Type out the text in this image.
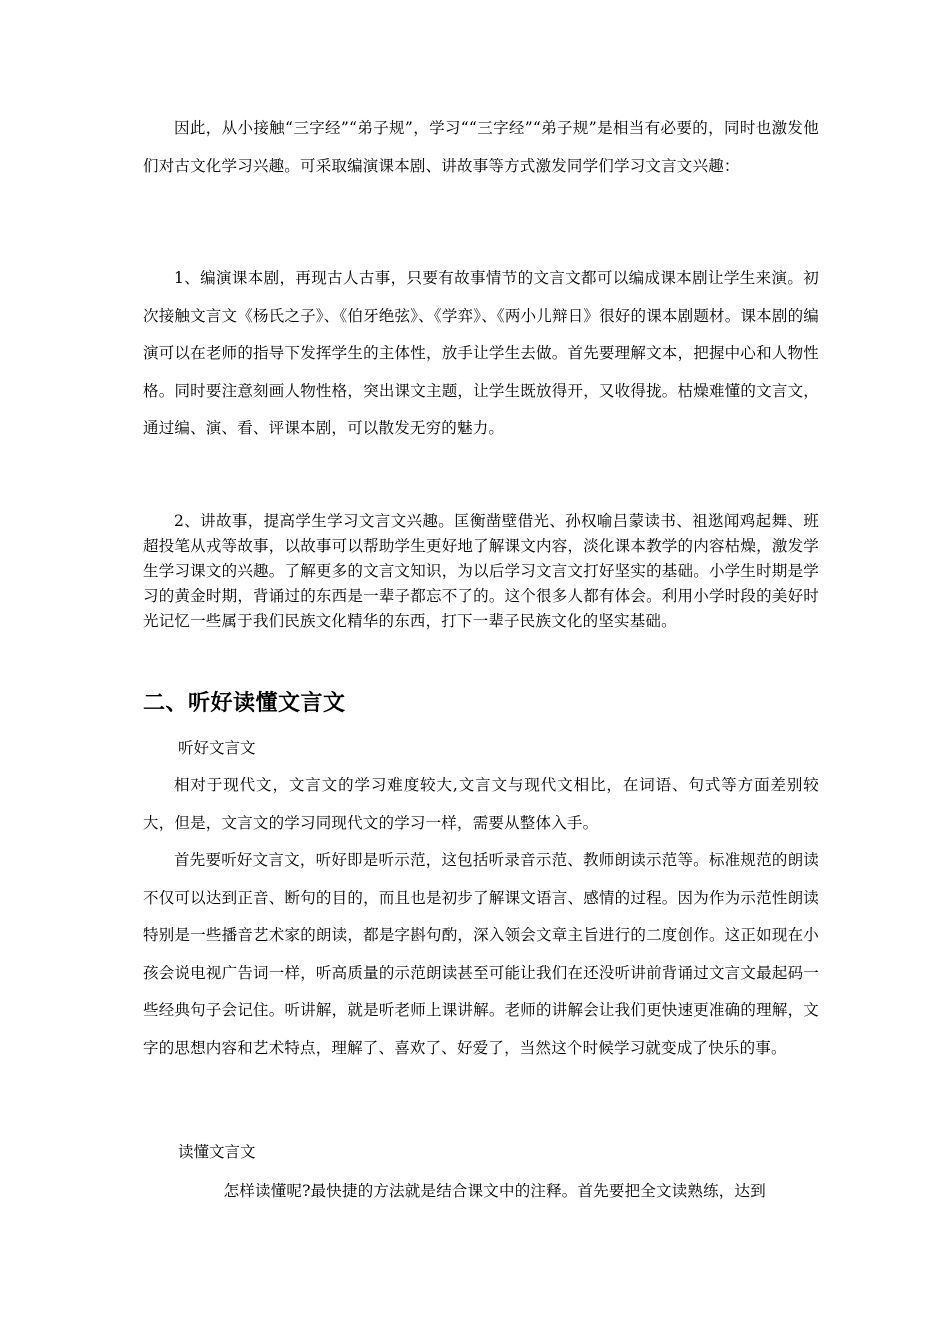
因此，从小接触“三字经”“弟子规”，学习““三字经”“弟子规”是相当有必要的，同时也激发他们对古文化学习兴趣。可采取编演课本剧、讲故事等方式激发同学们学习文言文兴趣：

1、编演课本剧，再现古人古事，只要有故事情节的文言文都可以编成课本剧让学生来演。初次接触文言文《杨氏之子》、《伯牙绝弦》、《学弈》、《两小儿辩日》很好的课本剧题材。课本剧的编演可以在老师的指导下发挥学生的主体性，放手让学生去做。首先要理解文本，把握中心和人物性格。同时要注意刻画人物性格，突出课文主题，让学生既放得开，又收得拢。枯燥难懂的文言文，通过编、演、看、评课本剧，可以散发无穷的魅力。

2、讲故事，提高学生学习文言文兴趣。匡衡凿壁借光、孙权喻吕蒙读书、祖逖闻鸡起舞、班超投笔从戎等故事，以故事可以帮助学生更好地了解课文内容，淡化课本教学的内容枯燥，激发学生学习课文的兴趣。了解更多的文言文知识，为以后学习文言文打好坚实的基础。小学生时期是学习的黄金时期，背诵过的东西是一辈子都忘不了的。这个很多人都有体会。利用小学时段的美好时光记忆一些属于我们民族文化精华的东西，打下一辈子民族文化的坚实基础。

二、听好读懂文言文

听好文言文

相对于现代文，文言文的学习难度较大,文言文与现代文相比，在词语、句式等方面差别较大，但是，文言文的学习同现代文的学习一样，需要从整体入手。

首先要听好文言文，听好即是听示范，这包括听录音示范、教师朗读示范等。标准规范的朗读不仅可以达到正音、断句的目的，而且也是初步了解课文语言、感情的过程。因为作为示范性朗读特别是一些播音艺术家的朗读，都是字斟句酌，深入领会文章主旨进行的二度创作。这正如现在小孩会说电视广告词一样，听高质量的示范朗读甚至可能让我们在还没听讲前背诵过文言文最起码一些经典句子会记住。听讲解，就是听老师上课讲解。老师的讲解会让我们更快速更准确的理解，文字的思想内容和艺术特点，理解了、喜欢了、好爱了，当然这个时候学习就变成了快乐的事。

读懂文言文

怎样读懂呢?最快捷的方法就是结合课文中的注释。首先要把全文读熟练，达到
